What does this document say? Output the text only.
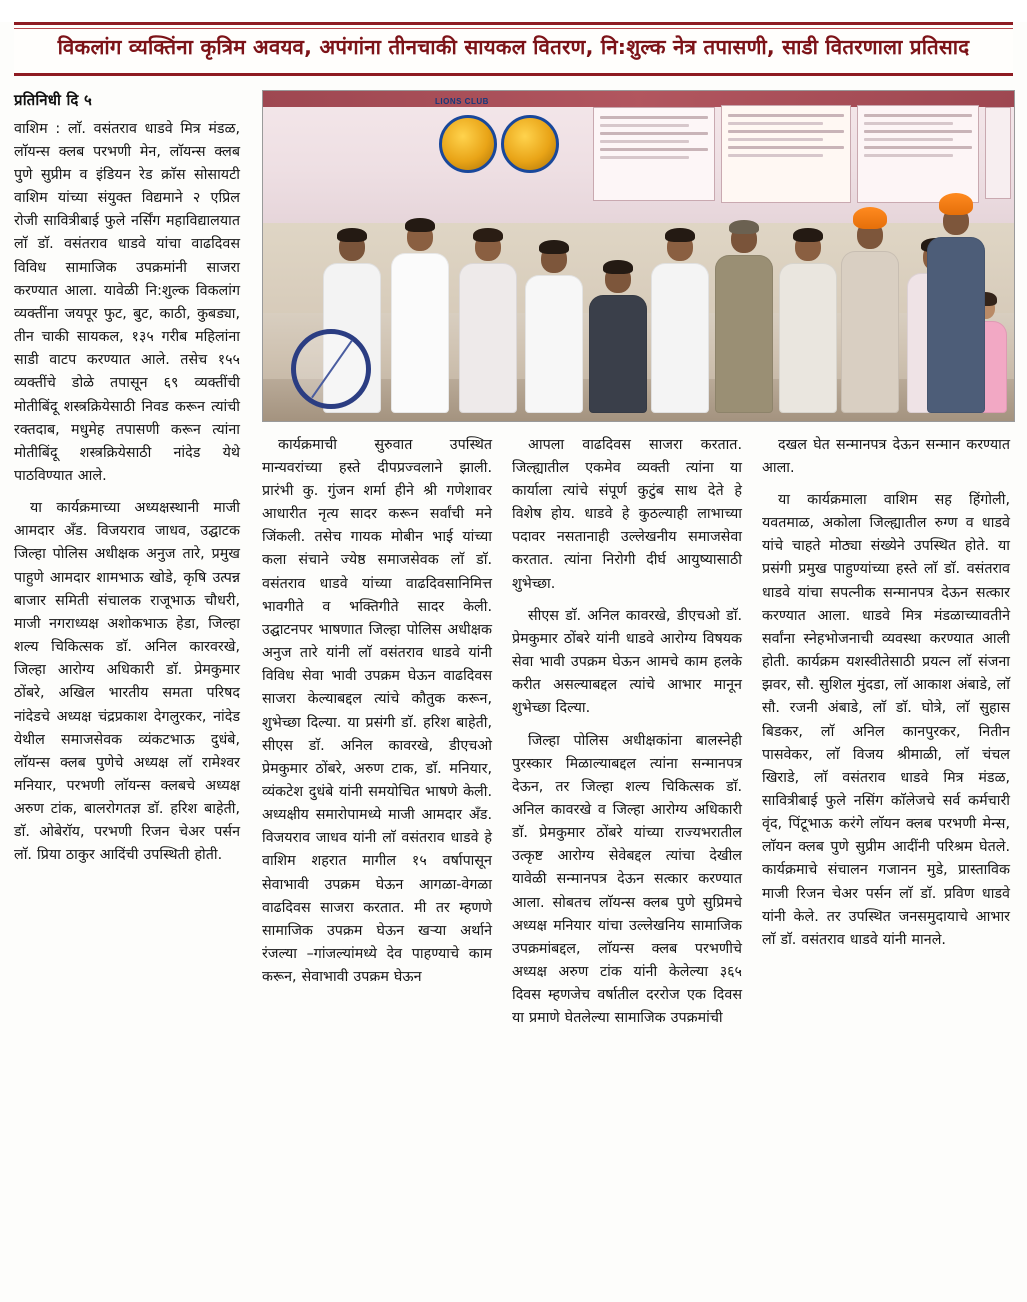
विकलांग व्यक्तिंना कृत्रिम अवयव, अपंगांना तीनचाकी सायकल वितरण, नि:शुल्क नेत्र तपासणी, साडी वितरणाला प्रतिसाद
प्रतिनिधी दि ५

वाशिम : लाॅ. वसंतराव धाडवे मित्र मंडळ, लाॅयन्स क्लब परभणी मेन, लाॅयन्स क्लब पुणे सुप्रीम व इंडियन रेड क्राॅस सोसायटी वाशिम यांच्या संयुक्त विद्यमाने २ एप्रिल रोजी सावित्रीबाई फुले नर्सिंग महाविद्यालयात लाॅ डाॅ. वसंतराव धाडवे यांचा वाढदिवस विविध सामाजिक उपक्रमांनी साजरा करण्यात आला. यावेळी नि:शुल्क विकलांग व्यक्तींना जयपूर फुट, बुट, काठी, कुबड्या, तीन चाकी सायकल, १३५ गरीब महिलांना साडी वाटप करण्यात आले. तसेच १५५ व्यक्तींचे डोळे तपासून ६९ व्यक्तींची मोतीबिंदू शस्त्रक्रियेसाठी निवड करून त्यांची रक्तदाब, मधुमेह तपासणी करून त्यांना मोतीबिंदू शस्त्रक्रियेसाठी नांदेड येथे पाठविण्यात आले.

या कार्यक्रमाच्या अध्यक्षस्थानी माजी आमदार अँड. विजयराव जाधव, उद्घाटक जिल्हा पोलिस अधीक्षक अनुज तारे, प्रमुख पाहुणे आमदार शामभाऊ खोडे, कृषि उत्पन्न बाजार समिती संचालक राजूभाऊ चौधरी, माजी नगराध्यक्ष अशोकभाऊ हेडा, जिल्हा शल्य चिकित्सक डाॅ. अनिल कारवरखे, जिल्हा आरोग्य अधिकारी डाॅ. प्रेमकुमार ठोंबरे, अखिल भारतीय समता परिषद नांदेडचे अध्यक्ष चंद्रप्रकाश देगलुरकर, नांदेड येथील समाजसेवक व्यंकटभाऊ दुधंबे, लाॅयन्स क्लब पुणेचे अध्यक्ष लाॅ रामेश्वर मनियार, परभणी लाॅयन्स क्लबचे अध्यक्ष अरुण टांक, बालरोगतज्ञ डाॅ. हरिश बाहेती, डाॅ. ओबेराॅय, परभणी रिजन चेअर पर्सन लाॅ. प्रिया ठाकुर आदिंची उपस्थिती होती.

कार्यक्रमाची सुरुवात उपस्थित मान्यवरांच्या हस्ते दीपप्रज्वलाने झाली. प्रारंभी कु. गुंजन शर्मा हीने श्री गणेशावर आधारीत नृत्य सादर करून सर्वांची मने जिंकली. तसेच गायक मोबीन भाई यांच्या कला संचाने ज्येष्ठ समाजसेवक लाॅ डाॅ. वसंतराव धाडवे यांच्या वाढदिवसानिमित्त भावगीते व भक्तिगीते सादर केली. उद्घाटनपर भाषणात जिल्हा पोलिस अधीक्षक अनुज तारे यांनी लाॅ वसंतराव धाडवे यांनी विविध सेवा भावी उपक्रम घेऊन वाढदिवस साजरा केल्याबद्दल त्यांचे कौतुक करून, शुभेच्छा दिल्या. या प्रसंगी डाॅ. हरिश बाहेती, सीएस डाॅ. अनिल कावरखे, डीएचओ प्रेमकुमार ठोंबरे, अरुण टाक, डाॅ. मनियार, व्यंकटेश दुधंबे यांनी समयोचित भाषणे केली. अध्यक्षीय समारोपामध्ये माजी आमदार अँड. विजयराव जाधव यांनी लाॅ वसंतराव धाडवे हे वाशिम शहरात मागील १५ वर्षापासून सेवाभावी उपक्रम घेऊन आगळा-वेगळा वाढदिवस साजरा करतात. मी तर म्हणणे सामाजिक उपक्रम घेऊन खऱ्या अर्थाने रंजल्या –गांजल्यांमध्ये देव पाहण्याचे काम करून, सेवाभावी उपक्रम घेऊन

आपला वाढदिवस साजरा करतात. जिल्ह्यातील एकमेव व्यक्ती त्यांना या कार्याला त्यांचे संपूर्ण कुटुंब साथ देते हे विशेष होय. धाडवे हे कुठल्याही लाभाच्या पदावर नसतानाही उल्लेखनीय समाजसेवा करतात. त्यांना निरोगी दीर्घ आयुष्यासाठी शुभेच्छा.

सीएस डाॅ. अनिल कावरखे, डीएचओ डाॅ. प्रेमकुमार ठोंबरे यांनी धाडवे आरोग्य विषयक सेवा भावी उपक्रम घेऊन आमचे काम हलके करीत असल्याबद्दल त्यांचे आभार मानून शुभेच्छा दिल्या.

जिल्हा पोलिस अधीक्षकांना बालस्नेही पुरस्कार मिळाल्याबद्दल त्यांना सन्मानपत्र देऊन, तर जिल्हा शल्य चिकित्सक डाॅ. अनिल कावरखे व जिल्हा आरोग्य अधिकारी डाॅ. प्रेमकुमार ठोंबरे यांच्या राज्यभरातील उत्कृष्ट आरोग्य सेवेबद्दल त्यांचा देखील यावेळी सन्मानपत्र देऊन सत्कार करण्यात आला. सोबतच लाॅयन्स क्लब पुणे सुप्रिमचे अध्यक्ष मनियार यांचा उल्लेखनिय सामाजिक उपक्रमांबद्दल, लाॅयन्स क्लब परभणीचे अध्यक्ष अरुण टांक यांनी केलेल्या ३६५ दिवस म्हणजेच वर्षातील दररोज एक दिवस या प्रमाणे घेतलेल्या सामाजिक उपक्रमांची

दखल घेत सन्मानपत्र देऊन सन्मान करण्यात आला.

या कार्यक्रमाला वाशिम सह हिंगोली, यवतमाळ, अकोला जिल्ह्यातील रुग्ण व धाडवे यांचे चाहते मोठ्या संख्येने उपस्थित होते. या प्रसंगी प्रमुख पाहुण्यांच्या हस्ते लाॅ डाॅ. वसंतराव धाडवे यांचा सपत्नीक सन्मानपत्र देऊन सत्कार करण्यात आला. धाडवे मित्र मंडळाच्यावतीने सर्वांना स्नेहभोजनाची व्यवस्था करण्यात आली होती. कार्यक्रम यशस्वीतेसाठी प्रयत्न लाॅ संजना झवर, सौ. सुशिल मुंदडा, लाॅ आकाश अंबाडे, लाॅ सौ. रजनी अंबाडे, लाॅ डाॅ. घोत्रे, लाॅ सुहास बिडकर, लाॅ अनिल कानपुरकर, नितीन पासवेकर, लाॅ विजय श्रीमाळी, लाॅ चंचल खिराडे, लाॅ वसंतराव धाडवे मित्र मंडळ, सावित्रीबाई फुले नसिंग काॅलेजचे सर्व कर्मचारी वृंद, पिंटूभाऊ करंगे लाॅयन क्लब परभणी मेन्स, लाॅयन क्लब पुणे सुप्रीम आदींनी परिश्रम घेतले. कार्यक्रमाचे संचालन गजानन मुडे, प्रास्ताविक माजी रिजन चेअर पर्सन लाॅ डाॅ. प्रविण धाडवे यांनी केले. तर उपस्थित जनसमुदायाचे आभार लाॅ डाॅ. वसंतराव धाडवे यांनी मानले.

LIONS CLUB
